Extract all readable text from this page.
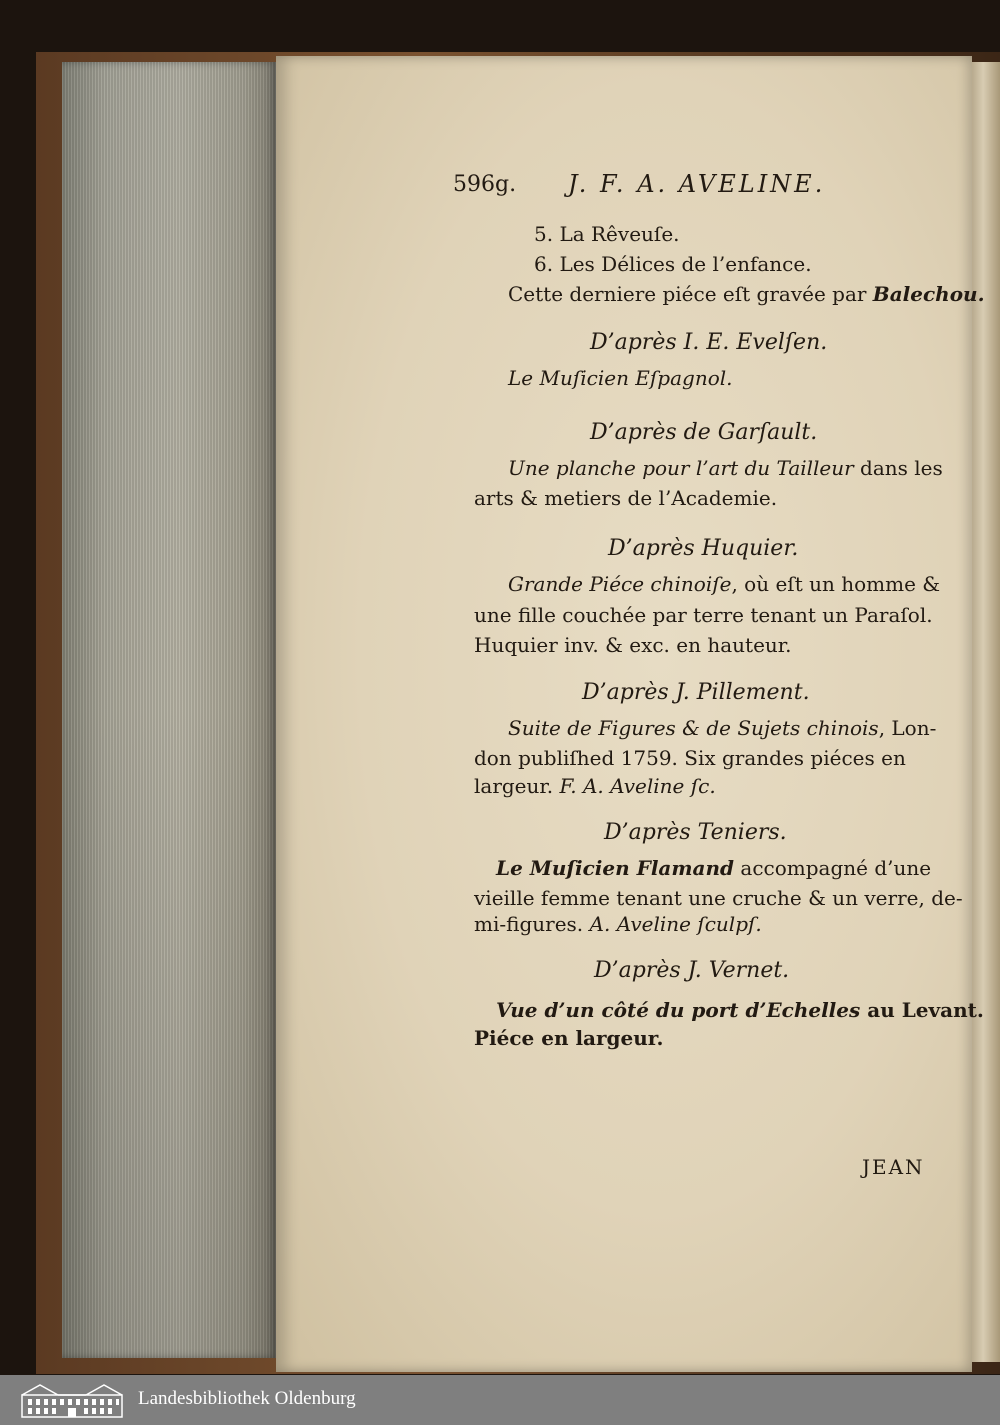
596g. J. F. A. AVELINE.
5. La Rêveuſe.
6. Les Délices de l’enfance.
Cette derniere piéce eſt gravée par Balechou.
D’après I. E. Evelſen.
Le Muſicien Eſpagnol.
D’après de Garſault.
Une planche pour l’art du Tailleur dans les
arts & metiers de l’Academie.
D’après Huquier.
Grande Piéce chinoiſe, où eſt un homme &
une fille couchée par terre tenant un Paraſol.
Huquier inv. & exc. en hauteur.
D’après J. Pillement.
Suite de Figures & de Sujets chinois, Lon-
don publiſhed 1759. Six grandes piéces en
largeur. F. A. Aveline ſc.
D’après Teniers.
Le Muſicien Flamand accompagné d’une
vieille femme tenant une cruche & un verre, de-
mi-figures. A. Aveline ſculpſ.
D’après J. Vernet.
Vue d’un côté du port d’Echelles au Levant.
Piéce en largeur.
JEAN
Landesbibliothek Oldenburg
